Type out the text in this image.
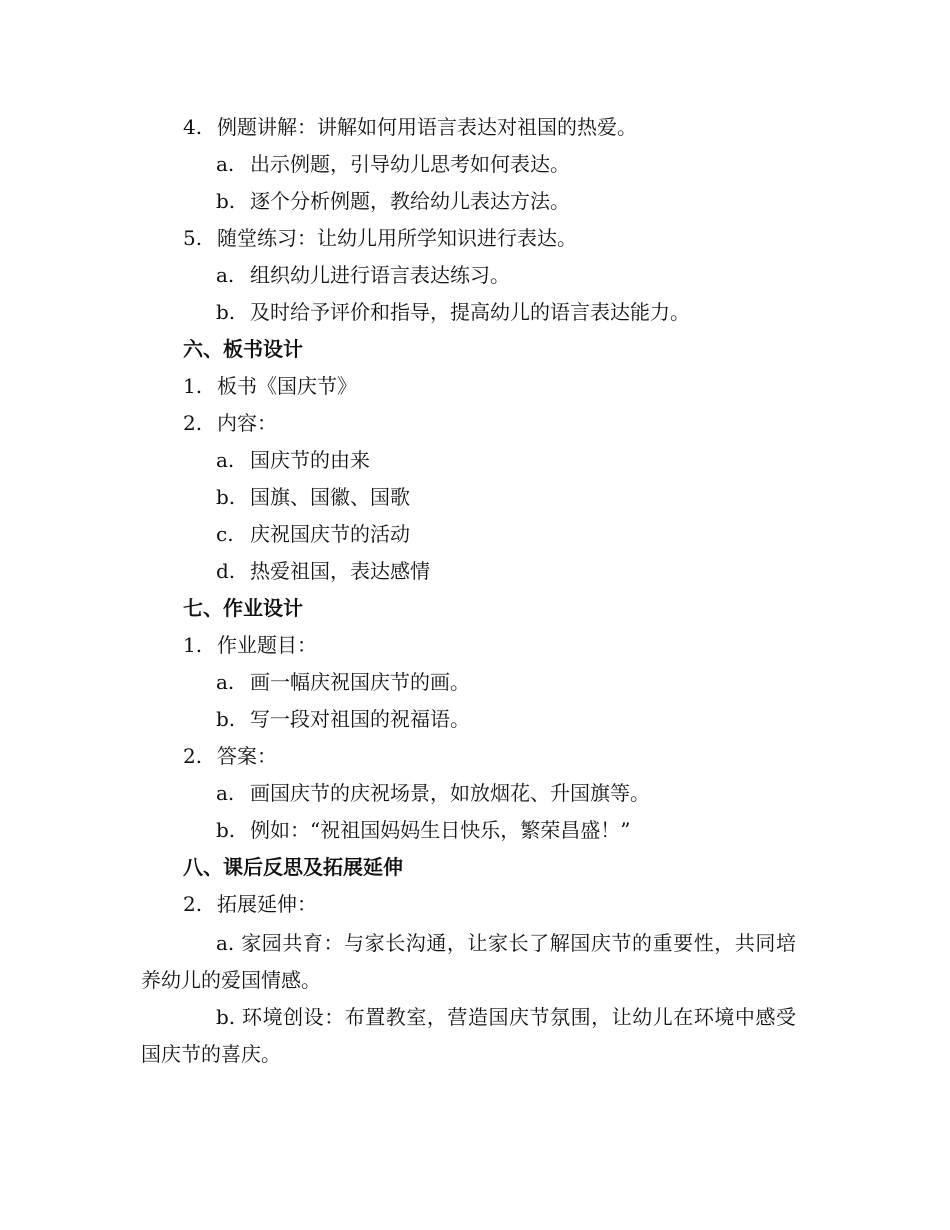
4. 例题讲解：讲解如何用语言表达对祖国的热爱。
a. 出示例题，引导幼儿思考如何表达。
b. 逐个分析例题，教给幼儿表达方法。
5. 随堂练习：让幼儿用所学知识进行表达。
a. 组织幼儿进行语言表达练习。
b. 及时给予评价和指导，提高幼儿的语言表达能力。
六、板书设计
1. 板书《国庆节》
2. 内容：
a. 国庆节的由来
b. 国旗、国徽、国歌
c. 庆祝国庆节的活动
d. 热爱祖国，表达感情
七、作业设计
1. 作业题目：
a. 画一幅庆祝国庆节的画。
b. 写一段对祖国的祝福语。
2. 答案：
a. 画国庆节的庆祝场景，如放烟花、升国旗等。
b. 例如：“祝祖国妈妈生日快乐，繁荣昌盛！”
八、课后反思及拓展延伸
2. 拓展延伸：
a. 家园共育：与家长沟通，让家长了解国庆节的重要性，共同培养幼儿的爱国情感。
b. 环境创设：布置教室，营造国庆节氛围，让幼儿在环境中感受国庆节的喜庆。
